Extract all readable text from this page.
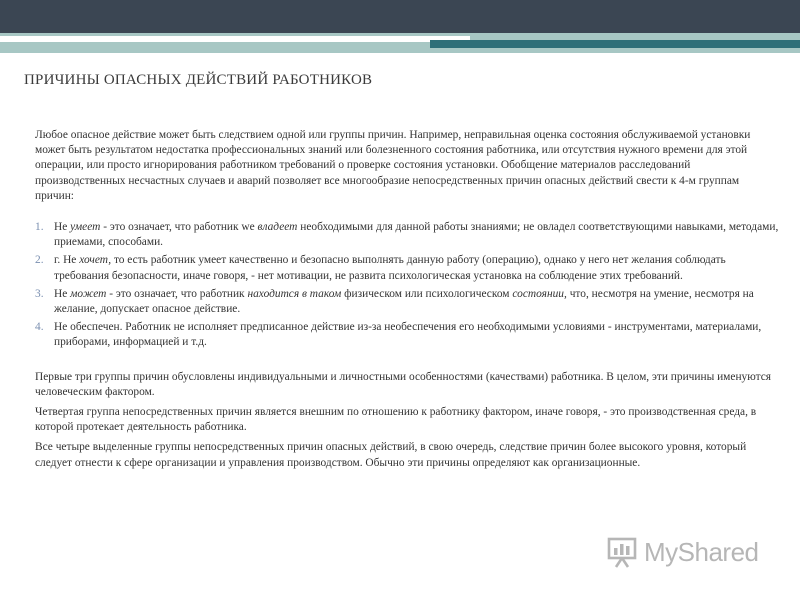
ПРИЧИНЫ ОПАСНЫХ ДЕЙСТВИЙ РАБОТНИКОВ

Любое опасное действие может быть следствием одной или группы причин. Например, неправильная оценка состояния обслуживаемой установки может быть результатом недостатка профессиональных знаний или болезненного состояния работника, или отсутствия нужного времени для этой операции, или просто игнорирования работником требований о проверке состояния установки. Обобщение материалов расследований производственных несчастных случаев и аварий позволяет все многообразие непосредственных причин опасных действий свести к 4-м группам причин:

1. Не умеет - это означает, что работник we владеет необходимыми для данной работы знаниями; не овладел соответствующими навыками, методами, приемами, способами.
2. г. Не хочет, то есть работник умеет качественно и безопасно выполнять данную работу (операцию), однако у него нет желания соблюдать требования безопасности, иначе говоря, - нет мотивации, не развита психологическая установка на соблюдение этих требований.
3. Не может - это означает, что работник находится в таком физическом или психологическом состоянии, что, несмотря на умение, несмотря на желание, допускает опасное действие.
4. Не обеспечен. Работник не исполняет предписанное действие из-за необеспечения его необходимыми условиями - инструментами, материалами, приборами, информацией и т.д.

Первые три группы причин обусловлены индивидуальными и личностными особенностями (качествами) работника. В целом, эти причины именуются человеческим фактором.

Четвертая группа непосредственных причин является внешним по отношению к работнику фактором, иначе говоря, - это производственная среда, в которой протекает деятельность работника.

Все четыре выделенные группы непосредственных причин опасных действий, в свою очередь, следствие причин более высокого уровня, который следует отнести к сфере организации и управления производством. Обычно эти причины определяют как организационные.

MyShared
